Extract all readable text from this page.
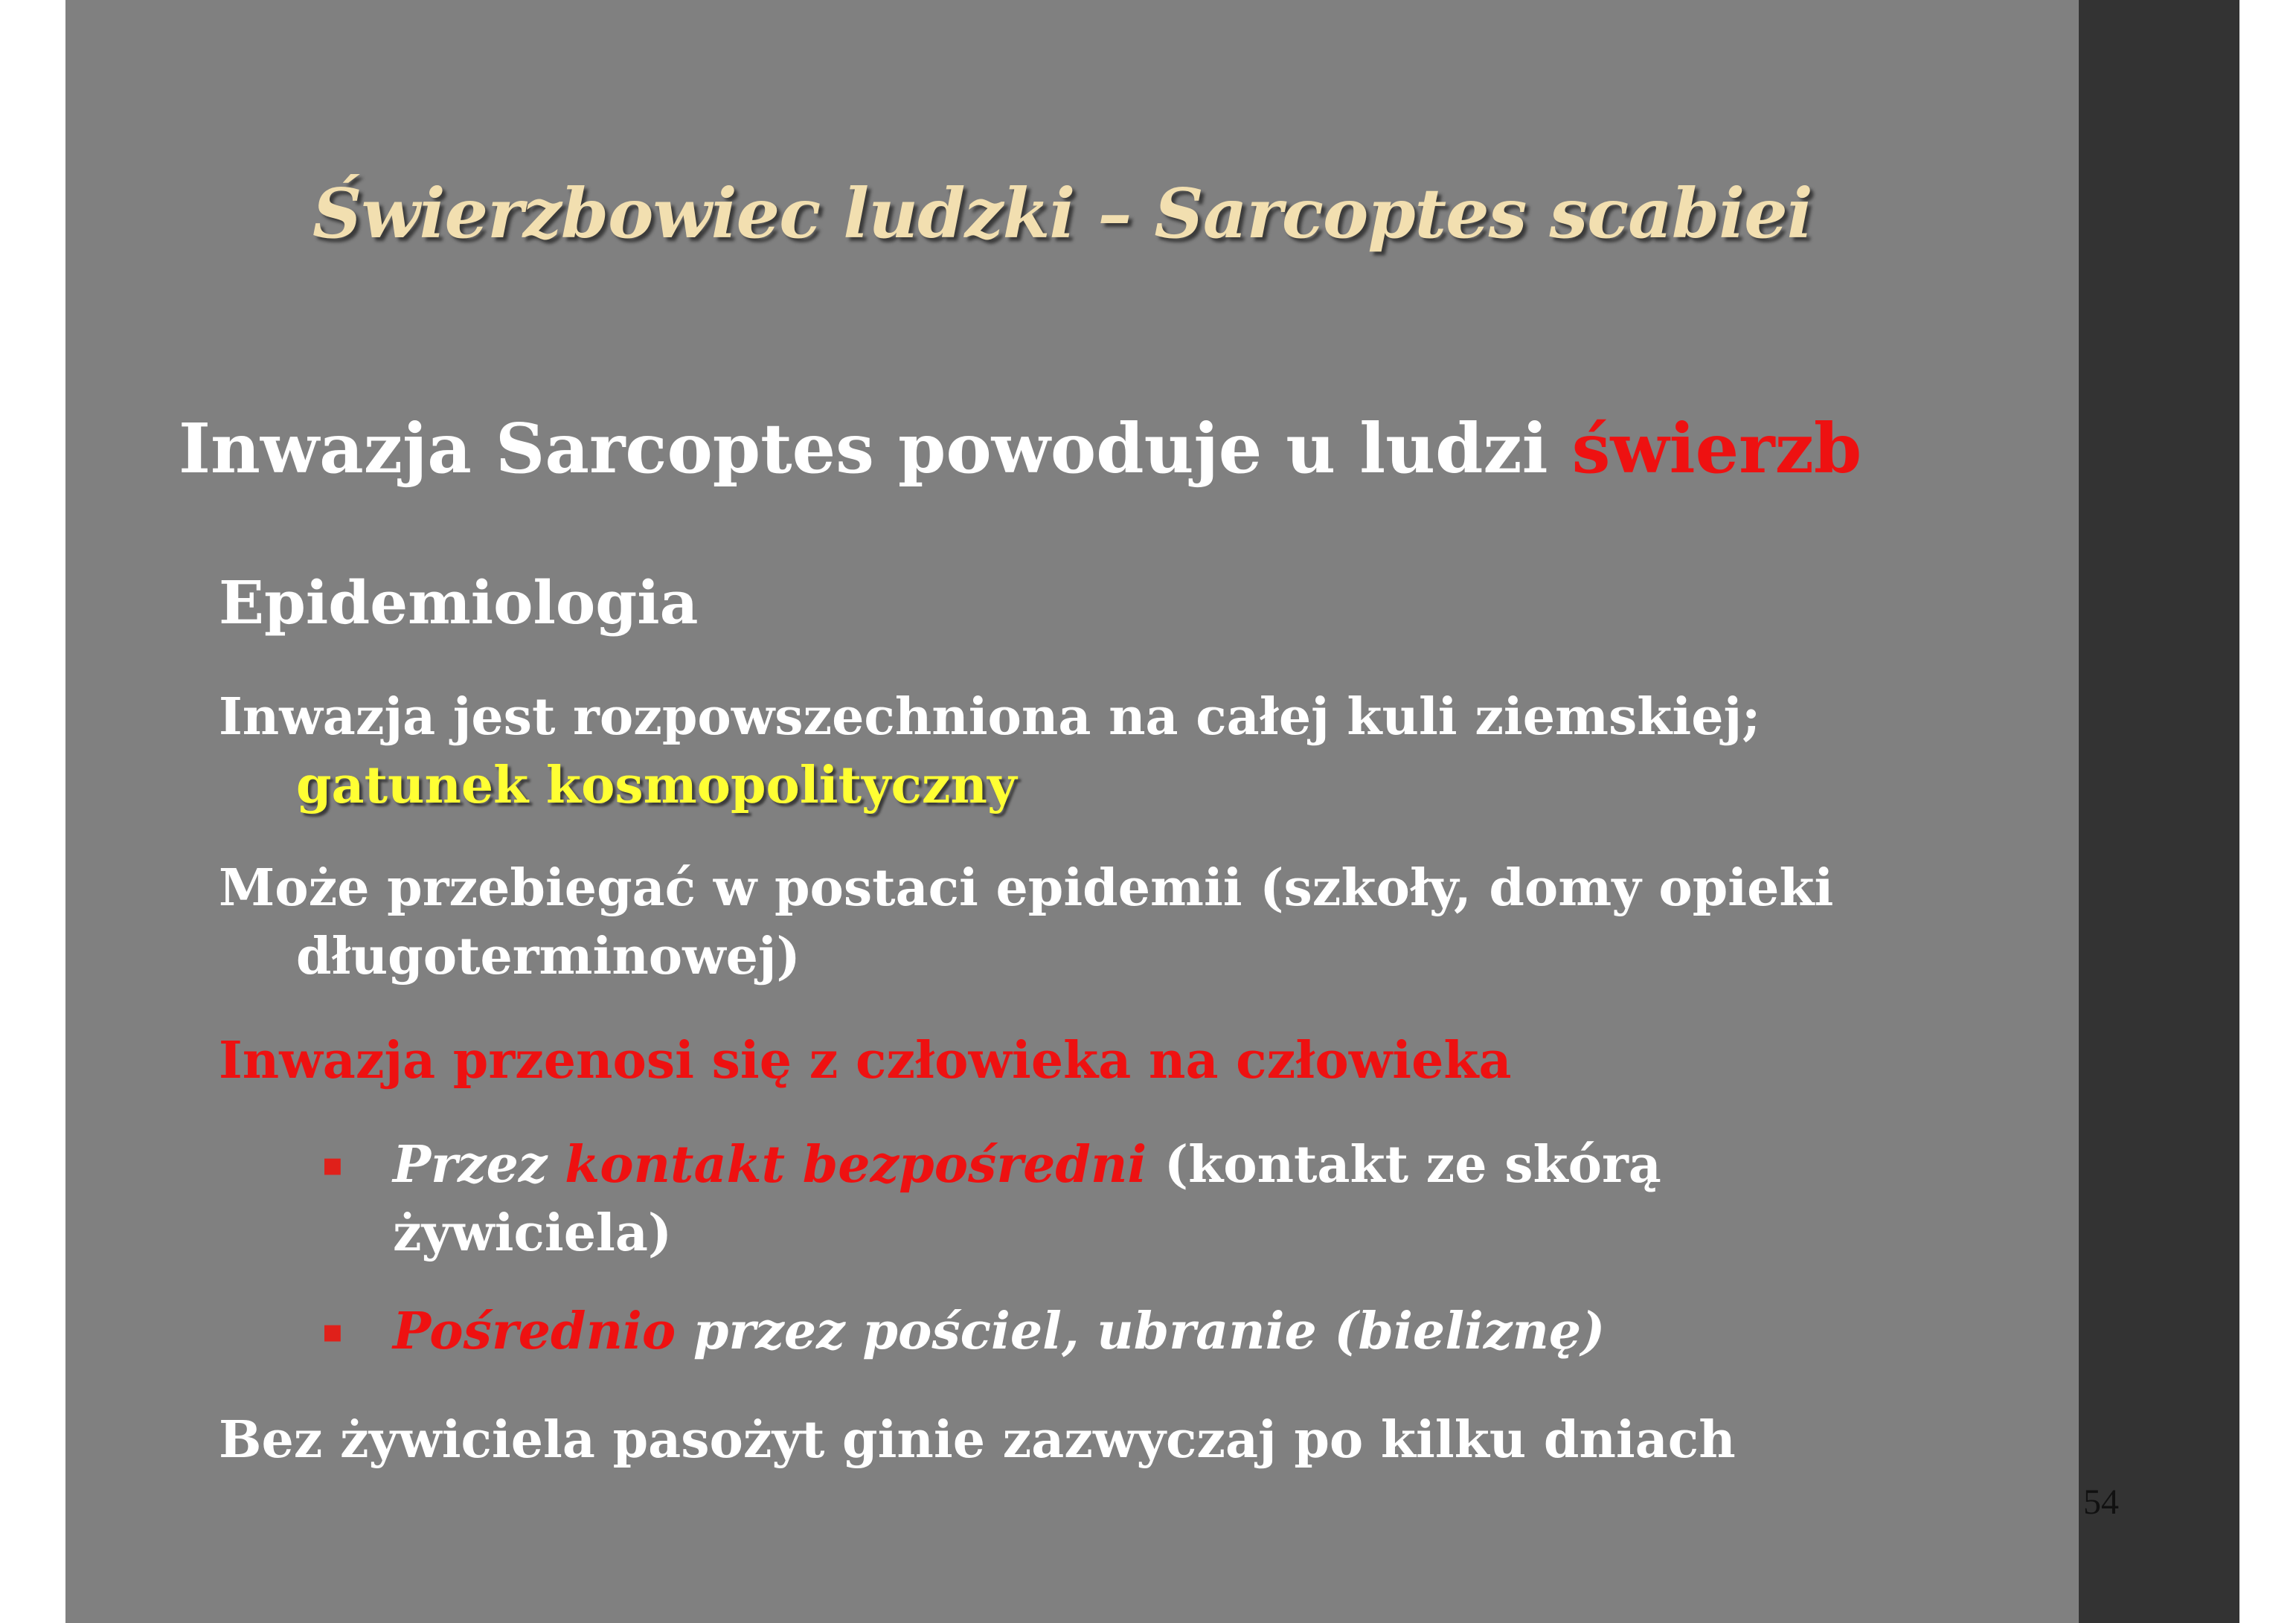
Świerzbowiec ludzki – Sarcoptes scabiei

Inwazja Sarcoptes powoduje u ludzi świerzb

Epidemiologia

Inwazja jest rozpowszechniona na całej kuli ziemskiej;
gatunek kosmopolityczny

Może przebiegać w postaci epidemii (szkoły, domy opieki
długoterminowej)

Inwazja przenosi się z człowieka na człowieka

▪ Przez kontakt bezpośredni (kontakt ze skórą
żywiciela)
▪ Pośrednio przez pościel, ubranie (bieliznę)

Bez żywiciela pasożyt ginie zazwyczaj po kilku dniach

54
